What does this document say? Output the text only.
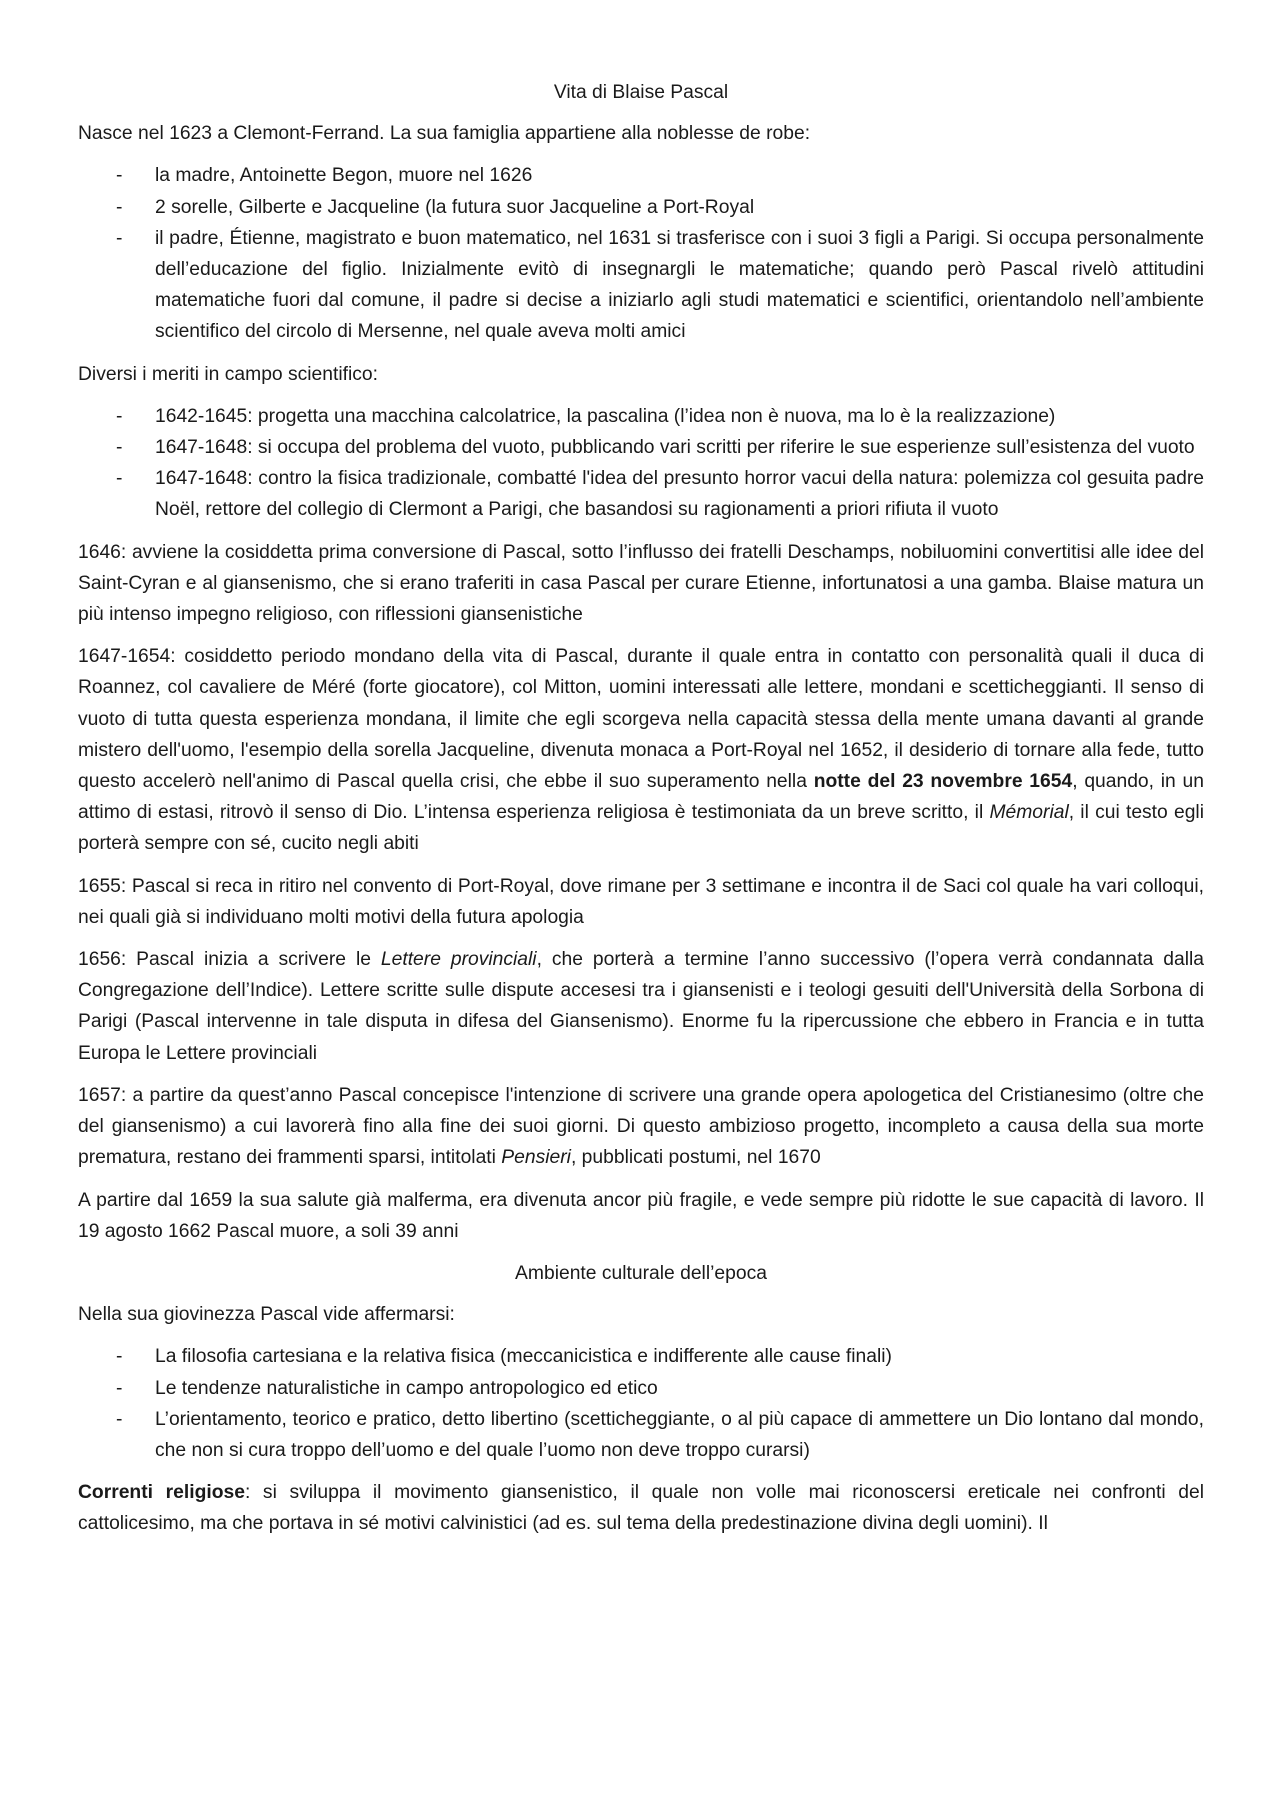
Vita di Blaise Pascal

Nasce nel 1623 a Clemont-Ferrand. La sua famiglia appartiene alla noblesse de robe:

- la madre, Antoinette Begon, muore nel 1626
- 2 sorelle, Gilberte e Jacqueline (la futura suor Jacqueline a Port-Royal
- il padre, Étienne, magistrato e buon matematico, nel 1631 si trasferisce con i suoi 3 figli a Parigi. Si occupa personalmente dell’educazione del figlio. Inizialmente evitò di insegnargli le matematiche; quando però Pascal rivelò attitudini matematiche fuori dal comune, il padre si decise a iniziarlo agli studi matematici e scientifici, orientandolo nell’ambiente scientifico del circolo di Mersenne, nel quale aveva molti amici

Diversi i meriti in campo scientifico:

- 1642-1645: progetta una macchina calcolatrice, la pascalina (l’idea non è nuova, ma lo è la realizzazione)
- 1647-1648: si occupa del problema del vuoto, pubblicando vari scritti per riferire le sue esperienze sull’esistenza del vuoto
- 1647-1648: contro la fisica tradizionale, combatté l'idea del presunto horror vacui della natura: polemizza col gesuita padre Noël, rettore del collegio di Clermont a Parigi, che basandosi su ragionamenti a priori rifiuta il vuoto

1646: avviene la cosiddetta prima conversione di Pascal, sotto l’influsso dei fratelli Deschamps, nobiluomini convertitisi alle idee del Saint-Cyran e al giansenismo, che si erano traferiti in casa Pascal per curare Etienne, infortunatosi a una gamba. Blaise matura un più intenso impegno religioso, con riflessioni giansenistiche

1647-1654: cosiddetto periodo mondano della vita di Pascal, durante il quale entra in contatto con personalità quali il duca di Roannez, col cavaliere de Méré (forte giocatore), col Mitton, uomini interessati alle lettere, mondani e scetticheggianti. Il senso di vuoto di tutta questa esperienza mondana, il limite che egli scorgeva nella capacità stessa della mente umana davanti al grande mistero dell'uomo, l'esempio della sorella Jacqueline, divenuta monaca a Port-Royal nel 1652, il desiderio di tornare alla fede, tutto questo accelerò nell'animo di Pascal quella crisi, che ebbe il suo superamento nella notte del 23 novembre 1654, quando, in un attimo di estasi, ritrovò il senso di Dio. L’intensa esperienza religiosa è testimoniata da un breve scritto, il Mémorial, il cui testo egli porterà sempre con sé, cucito negli abiti

1655: Pascal si reca in ritiro nel convento di Port-Royal, dove rimane per 3 settimane e incontra il de Saci col quale ha vari colloqui, nei quali già si individuano molti motivi della futura apologia

1656: Pascal inizia a scrivere le Lettere provinciali, che porterà a termine l’anno successivo (l’opera verrà condannata dalla Congregazione dell’Indice). Lettere scritte sulle dispute accesesi tra i giansenisti e i teologi gesuiti dell'Università della Sorbona di Parigi (Pascal intervenne in tale disputa in difesa del Giansenismo). Enorme fu la ripercussione che ebbero in Francia e in tutta Europa le Lettere provinciali

1657: a partire da quest’anno Pascal concepisce l'intenzione di scrivere una grande opera apologetica del Cristianesimo (oltre che del giansenismo) a cui lavorerà fino alla fine dei suoi giorni. Di questo ambizioso progetto, incompleto a causa della sua morte prematura, restano dei frammenti sparsi, intitolati Pensieri, pubblicati postumi, nel 1670

A partire dal 1659 la sua salute già malferma, era divenuta ancor più fragile, e vede sempre più ridotte le sue capacità di lavoro. Il 19 agosto 1662 Pascal muore, a soli 39 anni

Ambiente culturale dell’epoca

Nella sua giovinezza Pascal vide affermarsi:

- La filosofia cartesiana e la relativa fisica (meccanicistica e indifferente alle cause finali)
- Le tendenze naturalistiche in campo antropologico ed etico
- L’orientamento, teorico e pratico, detto libertino (scetticheggiante, o al più capace di ammettere un Dio lontano dal mondo, che non si cura troppo dell’uomo e del quale l’uomo non deve troppo curarsi)

Correnti religiose: si sviluppa il movimento giansenistico, il quale non volle mai riconoscersi ereticale nei confronti del cattolicesimo, ma che portava in sé motivi calvinistici (ad es. sul tema della predestinazione divina degli uomini). Il
